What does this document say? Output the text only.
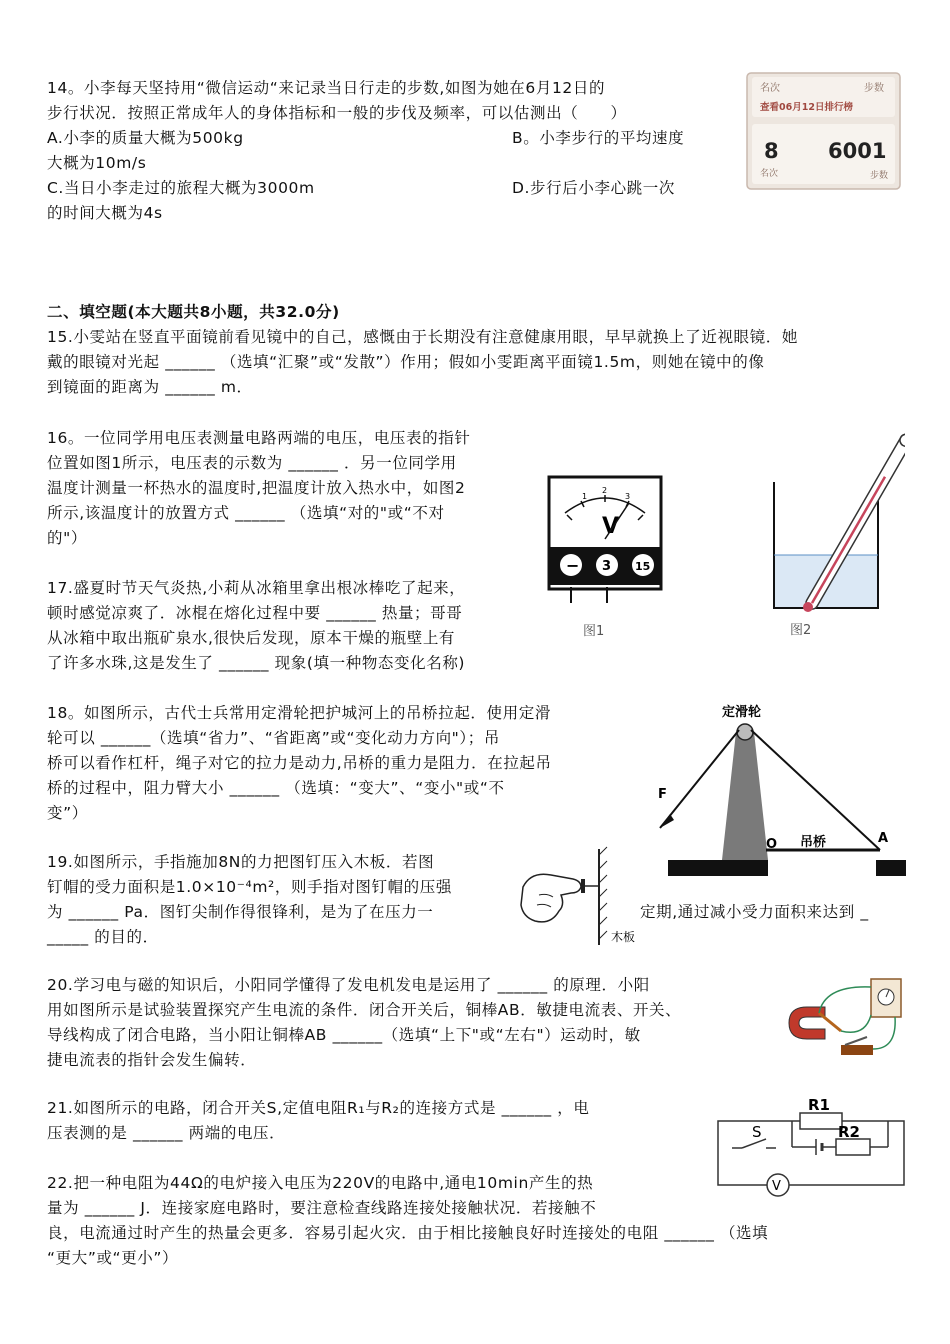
14。小李每天坚持用“微信运动“来记录当日行走的步数,如图为她在6月12日的
步行状况．按照正常成年人的身体指标和一般的步伐及频率，可以估测出（　　）
A.小李的质量大概为500kg	B。小李步行的平均速度
大概为10m/s
C.当日小李走过的旅程大概为3000m	D.步行后小李心跳一次
的时间大概为4s
名次	步数
查看06月12日排行榜
8 6001
名次	步数
二、填空题(本大题共8小题，共32.0分)
15.小雯站在竖直平面镜前看见镜中的自己，感慨由于长期没有注意健康用眼，早早就换上了近视眼镜．她
戴的眼镜对光起 ______ （选填“汇聚”或“发散”）作用；假如小雯距离平面镜1.5m，则她在镜中的像
到镜面的距离为 ______ m．
16。一位同学用电压表测量电路两端的电压，电压表的指针
位置如图1所示，电压表的示数为 ______ ．另一位同学用
温度计测量一杯热水的温度时,把温度计放入热水中，如图2
所示,该温度计的放置方式 ______ （选填“对的"或“不对
的"）
1
2
3
V
− 3 15
图1	图2
17.盛夏时节天气炎热,小莉从冰箱里拿出根冰棒吃了起来，
顿时感觉凉爽了．冰棍在熔化过程中要 ______ 热量；哥哥
从冰箱中取出瓶矿泉水,很快后发现，原本干燥的瓶壁上有
了许多水珠,这是发生了 ______ 现象(填一种物态变化名称)
18。如图所示，古代士兵常用定滑轮把护城河上的吊桥拉起．使用定滑
轮可以 ______（选填“省力”、“省距离”或“变化动力方向"）；吊
桥可以看作杠杆，绳子对它的拉力是动力,吊桥的重力是阻力．在拉起吊
桥的过程中，阻力臂大小 ______ （选填：“变大”、“变小"或“不
变”）
定滑轮
F
O 吊桥	A
19.如图所示，手指施加8N的力把图钉压入木板．若图
钉帽的受力面积是1.0×10⁻⁴m²，则手指对图钉帽的压强
为 ______ Pa．图钉尖制作得很锋利，是为了在压力一	定期,通过减小受力面积来达到 _
_____ 的目的．	木板
20.学习电与磁的知识后，小阳同学懂得了发电机发电是运用了 ______ 的原理．小阳
用如图所示是试验装置探究产生电流的条件．闭合开关后，铜棒AB．敏捷电流表、开关、
导线构成了闭合电路，当小阳让铜棒AB ______（选填“上下"或“左右"）运动时，敏
捷电流表的指针会发生偏转．
21.如图所示的电路，闭合开关S,定值电阻R₁与R₂的连接方式是 ______ ，电
压表测的是 ______ 两端的电压．
R1
R2
S
V
22.把一种电阻为44Ω的电炉接入电压为220V的电路中,通电10min产生的热
量为 ______ J．连接家庭电路时，要注意检查线路连接处接触状况．若接触不
良，电流通过时产生的热量会更多．容易引起火灾．由于相比接触良好时连接处的电阻 ______ （选填
“更大”或“更小”）
